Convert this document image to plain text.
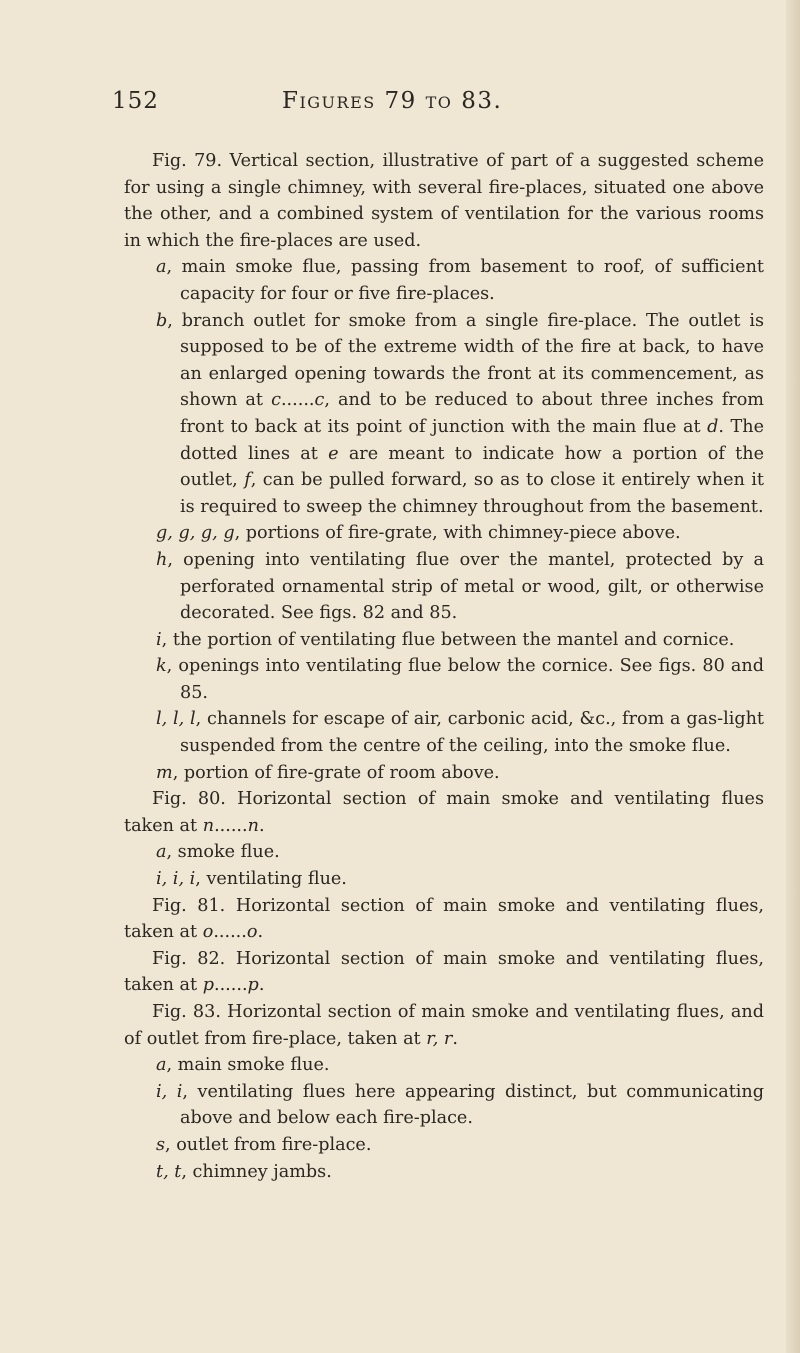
152	Figures 79 to 83.

Fig. 79. Vertical section, illustrative of part of a suggested scheme for using a single chimney, with several fire-places, situated one above the other, and a combined system of ventilation for the various rooms in which the fire-places are used.

a, main smoke flue, passing from basement to roof, of sufficient capacity for four or five fire-places.

b, branch outlet for smoke from a single fire-place. The outlet is supposed to be of the extreme width of the fire at back, to have an enlarged opening towards the front at its commencement, as shown at c......c, and to be reduced to about three inches from front to back at its point of junction with the main flue at d. The dotted lines at e are meant to indicate how a portion of the outlet, f, can be pulled forward, so as to close it entirely when it is required to sweep the chimney throughout from the basement.

g, g, g, g, portions of fire-grate, with chimney-piece above.

h, opening into ventilating flue over the mantel, protected by a perforated ornamental strip of metal or wood, gilt, or otherwise decorated. See figs. 82 and 85.

i, the portion of ventilating flue between the mantel and cornice.

k, openings into ventilating flue below the cornice. See figs. 80 and 85.

l, l, l, channels for escape of air, carbonic acid, &c., from a gas-light suspended from the centre of the ceiling, into the smoke flue.

m, portion of fire-grate of room above.

Fig. 80. Horizontal section of main smoke and ventilating flues taken at n......n.

a, smoke flue.

i, i, i, ventilating flue.

Fig. 81. Horizontal section of main smoke and ventilating flues, taken at o......o.

Fig. 82. Horizontal section of main smoke and ventilating flues, taken at p......p.

Fig. 83. Horizontal section of main smoke and ventilating flues, and of outlet from fire-place, taken at r, r.

a, main smoke flue.

i, i, ventilating flues here appearing distinct, but communicating above and below each fire-place.

s, outlet from fire-place.

t, t, chimney jambs.
